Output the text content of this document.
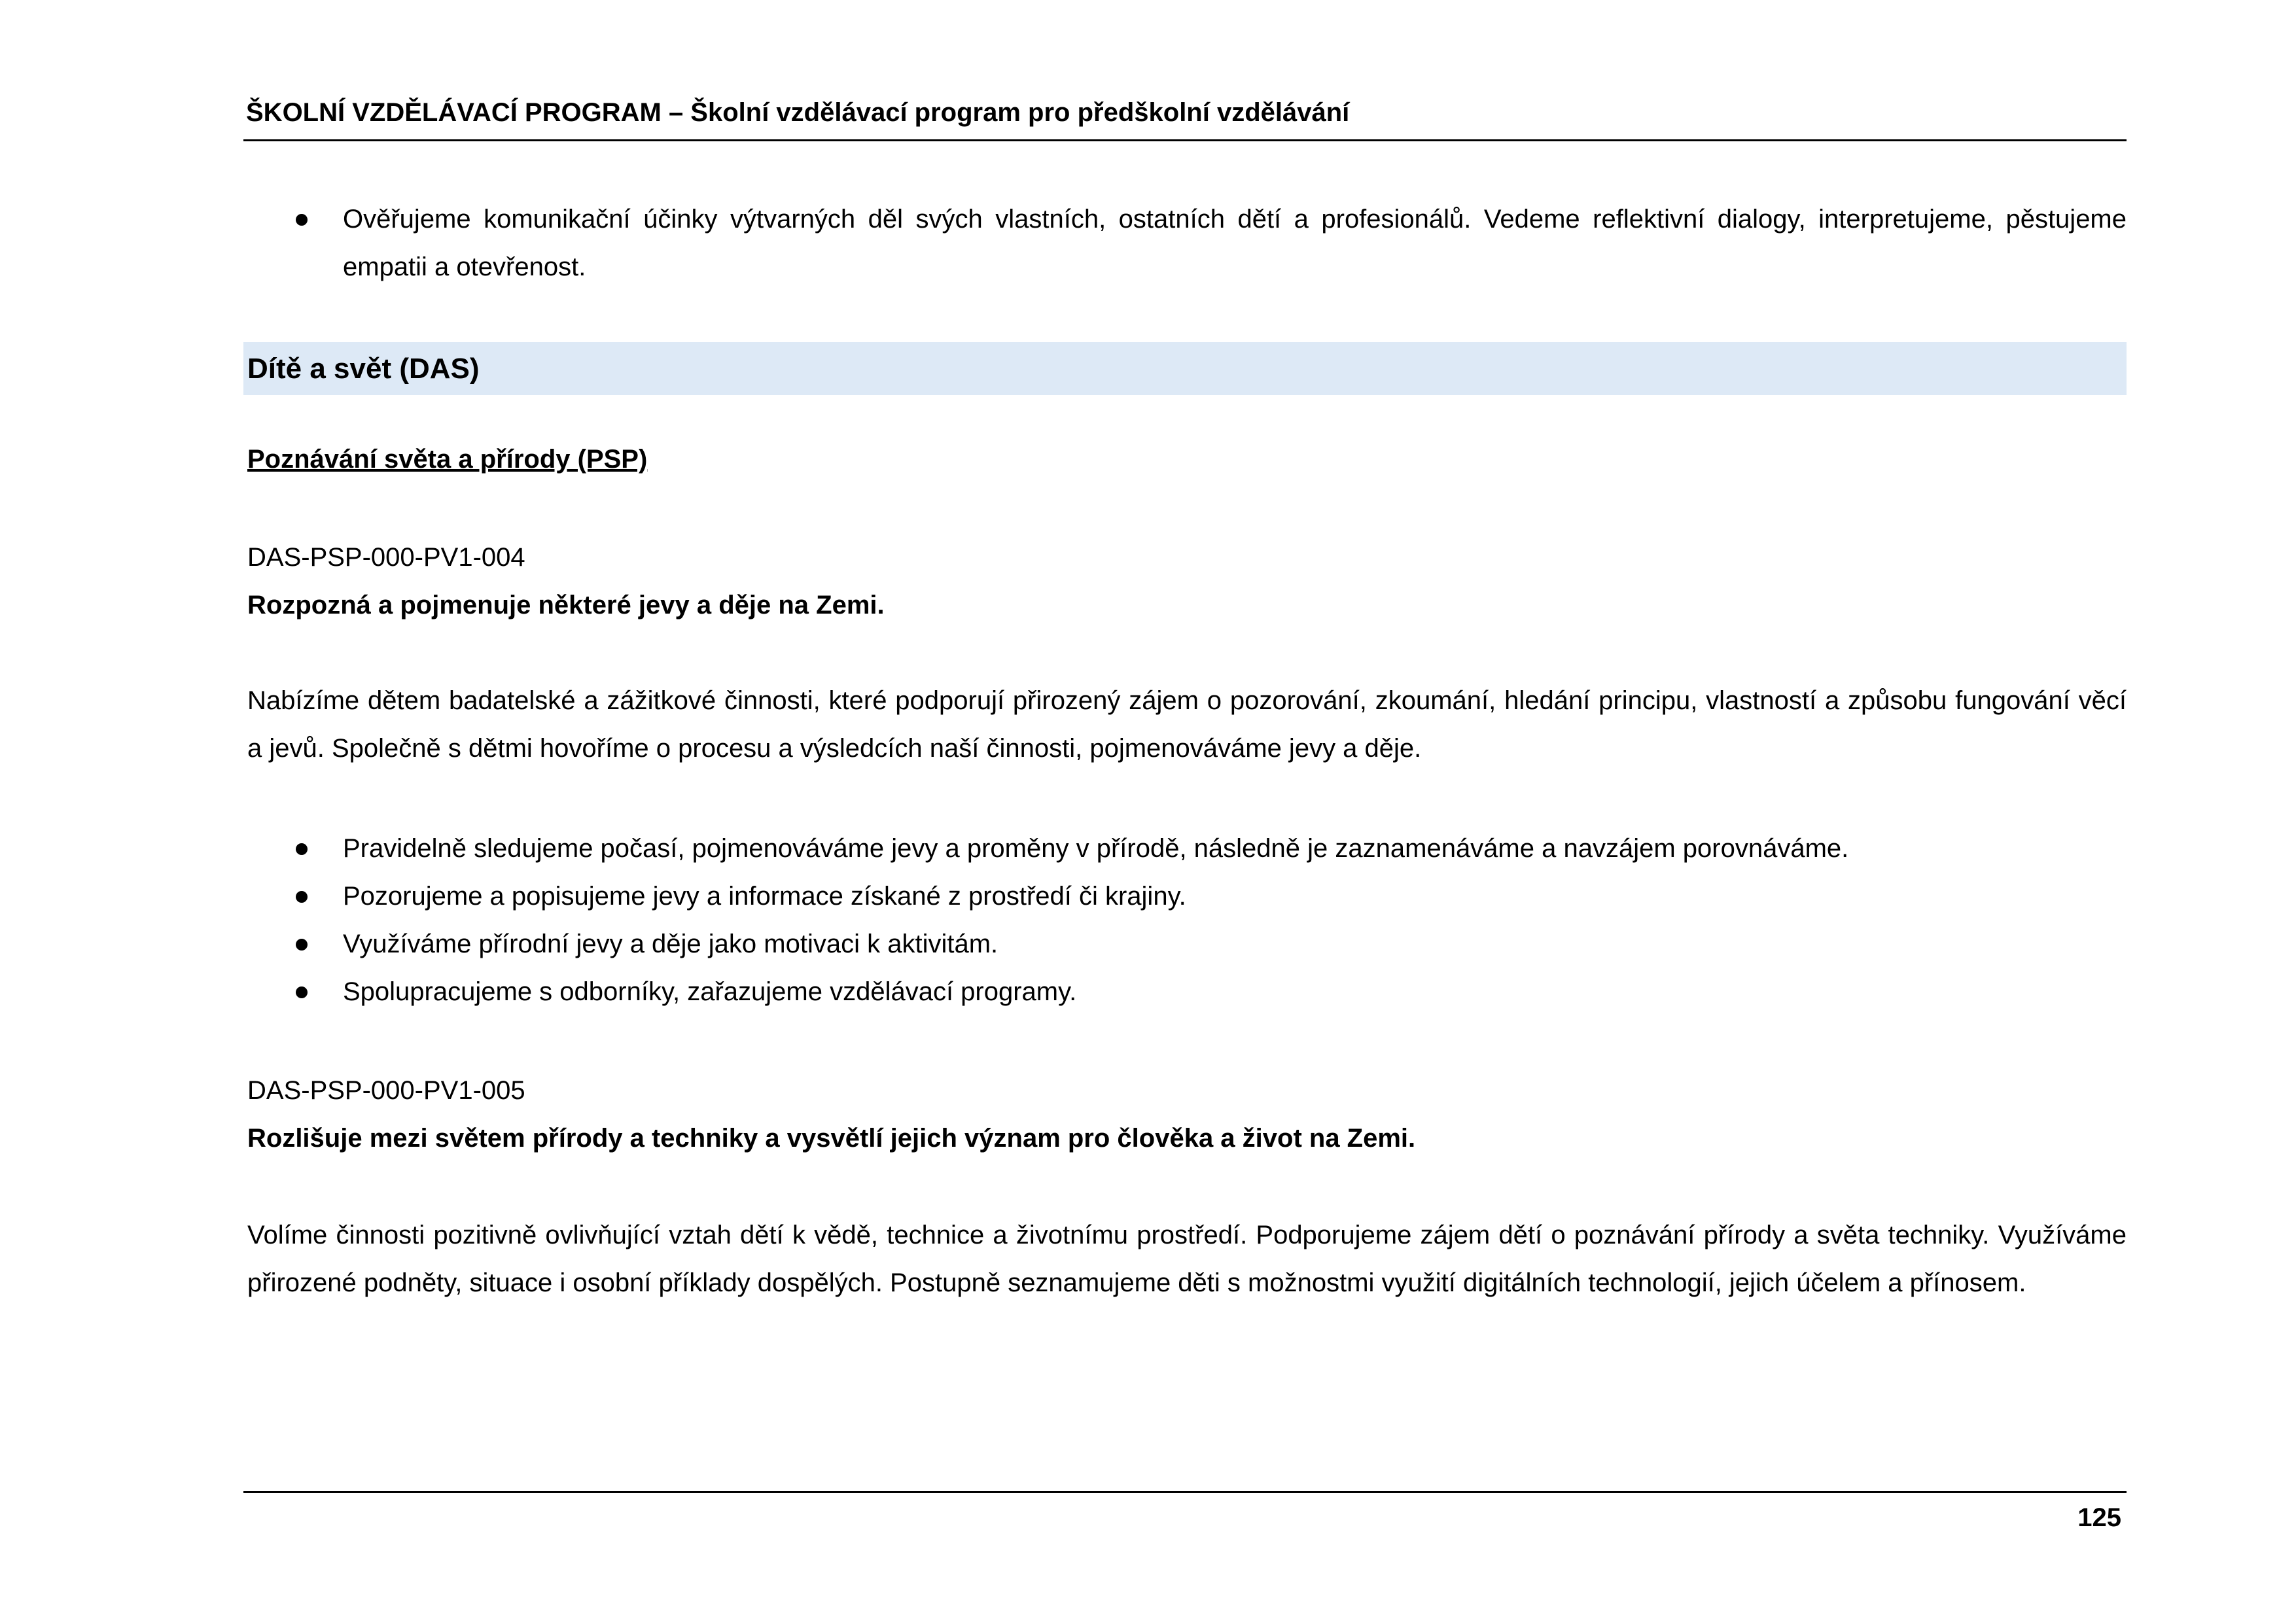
ŠKOLNÍ VZDĚLÁVACÍ PROGRAM – Školní vzdělávací program pro předškolní vzdělávání
Ověřujeme komunikační účinky výtvarných děl svých vlastních, ostatních dětí a profesionálů. Vedeme reflektivní dialogy, interpretujeme, pěstujeme empatii a otevřenost.
Dítě a svět (DAS)
Poznávání světa a přírody (PSP)
DAS-PSP-000-PV1-004
Rozpozná a pojmenuje některé jevy a děje na Zemi.
Nabízíme dětem badatelské a zážitkové činnosti, které podporují přirozený zájem o pozorování, zkoumání, hledání principu, vlastností a způsobu fungování věcí a jevů. Společně s dětmi hovoříme o procesu a výsledcích naší činnosti, pojmenováváme jevy a děje.
Pravidelně sledujeme počasí, pojmenováváme jevy a proměny v přírodě, následně je zaznamenáváme a navzájem porovnáváme.
Pozorujeme a popisujeme jevy a informace získané z prostředí či krajiny.
Využíváme přírodní jevy a děje jako motivaci k aktivitám.
Spolupracujeme s odborníky, zařazujeme vzdělávací programy.
DAS-PSP-000-PV1-005
Rozlišuje mezi světem přírody a techniky a vysvětlí jejich význam pro člověka a život na Zemi.
Volíme činnosti pozitivně ovlivňující vztah dětí k vědě, technice a životnímu prostředí. Podporujeme zájem dětí o poznávání přírody a světa techniky. Využíváme přirozené podněty, situace i osobní příklady dospělých. Postupně seznamujeme děti s možnostmi využití digitálních technologií, jejich účelem a přínosem.
125
